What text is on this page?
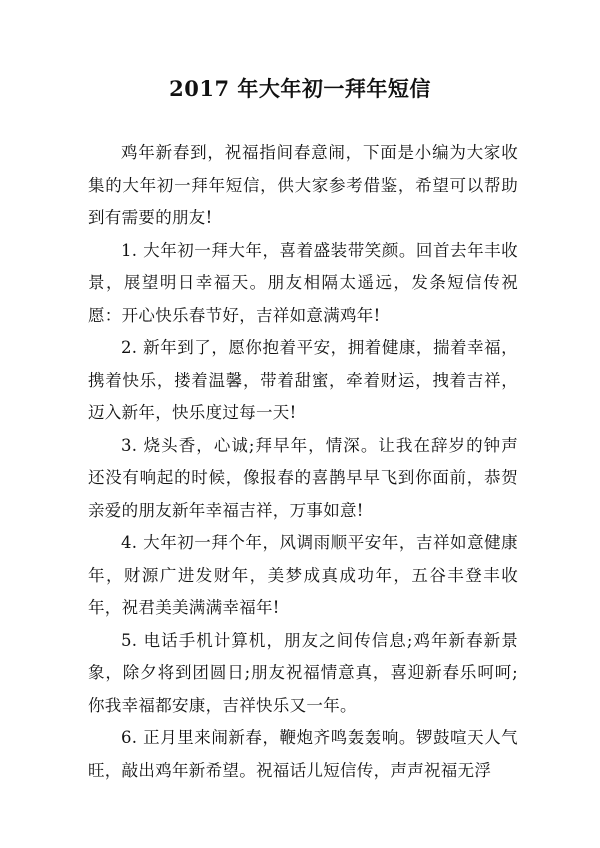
2017 年大年初一拜年短信

鸡年新春到，祝福指间春意闹，下面是小编为大家收集的大年初一拜年短信，供大家参考借鉴，希望可以帮助到有需要的朋友!

1. 大年初一拜大年，喜着盛装带笑颜。回首去年丰收景，展望明日幸福天。朋友相隔太遥远，发条短信传祝愿：开心快乐春节好，吉祥如意满鸡年!

2. 新年到了，愿你抱着平安，拥着健康，揣着幸福，携着快乐，搂着温馨，带着甜蜜，牵着财运，拽着吉祥，迈入新年，快乐度过每一天!

3. 烧头香，心诚;拜早年，情深。让我在辞岁的钟声还没有响起的时候，像报春的喜鹊早早飞到你面前，恭贺亲爱的朋友新年幸福吉祥，万事如意!

4. 大年初一拜个年，风调雨顺平安年，吉祥如意健康年，财源广进发财年，美梦成真成功年，五谷丰登丰收年，祝君美美满满幸福年!

5. 电话手机计算机，朋友之间传信息;鸡年新春新景象，除夕将到团圆日;朋友祝福情意真，喜迎新春乐呵呵;你我幸福都安康，吉祥快乐又一年。

6. 正月里来闹新春，鞭炮齐鸣轰轰响。锣鼓喧天人气旺，敲出鸡年新希望。祝福话儿短信传，声声祝福无浮
